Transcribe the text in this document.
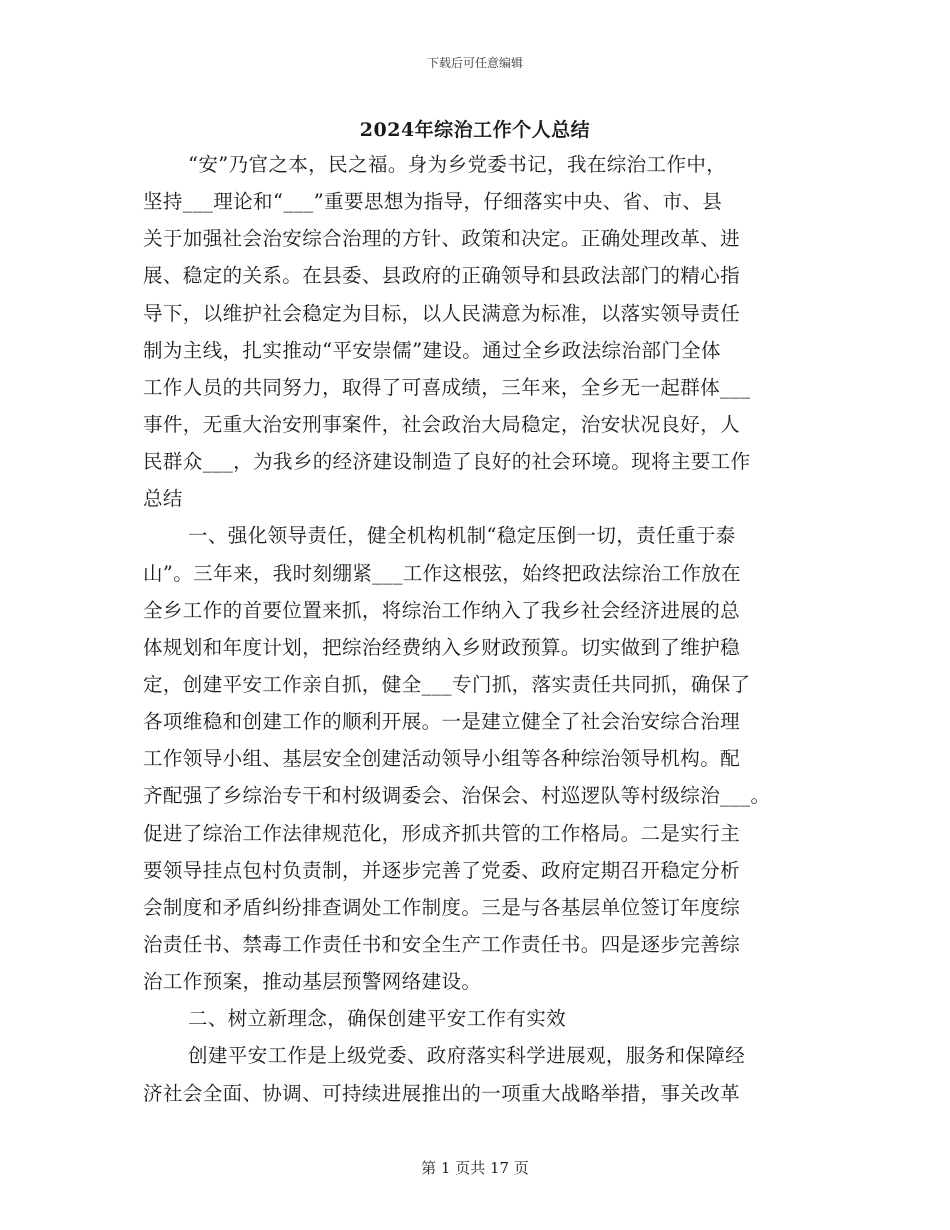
下载后可任意编辑
2024年综治工作个人总结
“安”乃官之本，民之福。身为乡党委书记，我在综治工作中，
坚持___理论和“___”重要思想为指导，仔细落实中央、省、市、县
关于加强社会治安综合治理的方针、政策和决定。正确处理改革、进
展、稳定的关系。在县委、县政府的正确领导和县政法部门的精心指
导下，以维护社会稳定为目标，以人民满意为标准，以落实领导责任
制为主线，扎实推动“平安崇儒”建设。通过全乡政法综治部门全体
工作人员的共同努力，取得了可喜成绩，三年来，全乡无一起群体___
事件，无重大治安刑事案件，社会政治大局稳定，治安状况良好，人
民群众___，为我乡的经济建设制造了良好的社会环境。现将主要工作
总结
一、强化领导责任，健全机构机制“稳定压倒一切，责任重于泰
山”。三年来，我时刻绷紧___工作这根弦，始终把政法综治工作放在
全乡工作的首要位置来抓，将综治工作纳入了我乡社会经济进展的总
体规划和年度计划，把综治经费纳入乡财政预算。切实做到了维护稳
定，创建平安工作亲自抓，健全___专门抓，落实责任共同抓，确保了
各项维稳和创建工作的顺利开展。一是建立健全了社会治安综合治理
工作领导小组、基层安全创建活动领导小组等各种综治领导机构。配
齐配强了乡综治专干和村级调委会、治保会、村巡逻队等村级综治___。
促进了综治工作法律规范化，形成齐抓共管的工作格局。二是实行主
要领导挂点包村负责制，并逐步完善了党委、政府定期召开稳定分析
会制度和矛盾纠纷排查调处工作制度。三是与各基层单位签订年度综
治责任书、禁毒工作责任书和安全生产工作责任书。四是逐步完善综
治工作预案，推动基层预警网络建设。
二、树立新理念，确保创建平安工作有实效
创建平安工作是上级党委、政府落实科学进展观，服务和保障经
济社会全面、协调、可持续进展推出的一项重大战略举措，事关改革
第 1 页共 17 页
